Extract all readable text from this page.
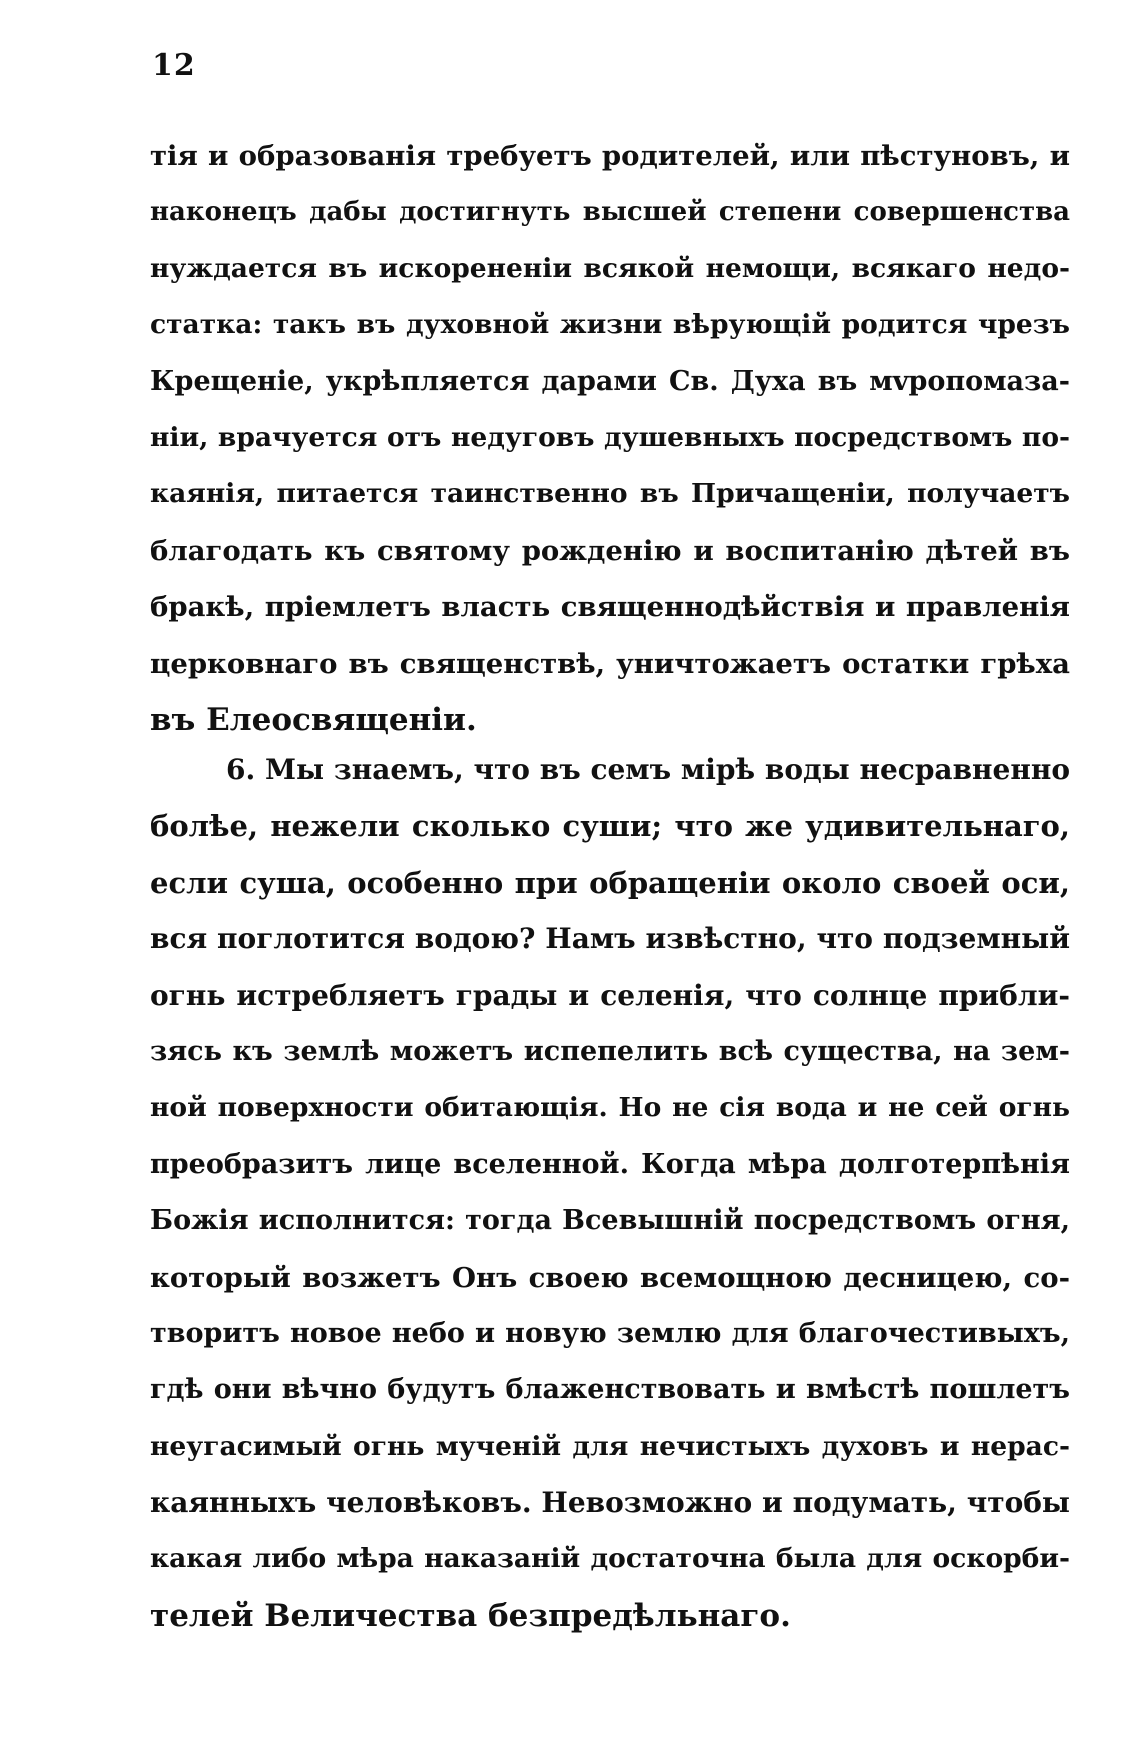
12
тія и образованія требуетъ родителей, или пѣстуновъ, и
наконецъ дабы достигнуть высшей степени совершенства
нуждается въ искорененіи всякой немощи, всякаго недо-
статка: такъ въ духовной жизни вѣрующій родится чрезъ
Крещеніе, укрѣпляется дарами Св. Духа въ мvропомаза-
ніи, врачуется отъ недуговъ душевныхъ посредствомъ по-
каянія, питается таинственно въ Причащеніи, получаетъ
благодать къ святому рожденію и воспитанію дѣтей въ
бракѣ, пріемлетъ власть священнодѣйствія и правленія
церковнаго въ священствѣ, уничтожаетъ остатки грѣха
въ Елеосвященіи.
6. Мы знаемъ, что въ семъ мірѣ воды несравненно
болѣе, нежели сколько суши; что же удивительнаго,
если суша, особенно при обращеніи около своей оси,
вся поглотится водою? Намъ извѣстно, что подземный
огнь истребляетъ грады и селенія, что солнце прибли-
зясь къ землѣ можетъ испепелить всѣ существа, на зем-
ной поверхности обитающія. Но не сія вода и не сей огнь
преобразитъ лице вселенной. Когда мѣра долготерпѣнія
Божія исполнится: тогда Всевышній посредствомъ огня,
который возжетъ Онъ своею всемощною десницею, со-
творитъ новое небо и новую землю для благочестивыхъ,
гдѣ они вѣчно будутъ блаженствовать и вмѣстѣ пошлетъ
неугасимый огнь мученій для нечистыхъ духовъ и нерас-
каянныхъ человѣковъ. Невозможно и подумать, чтобы
какая либо мѣра наказаній достаточна была для оскорби-
телей Величества безпредѣльнаго.
